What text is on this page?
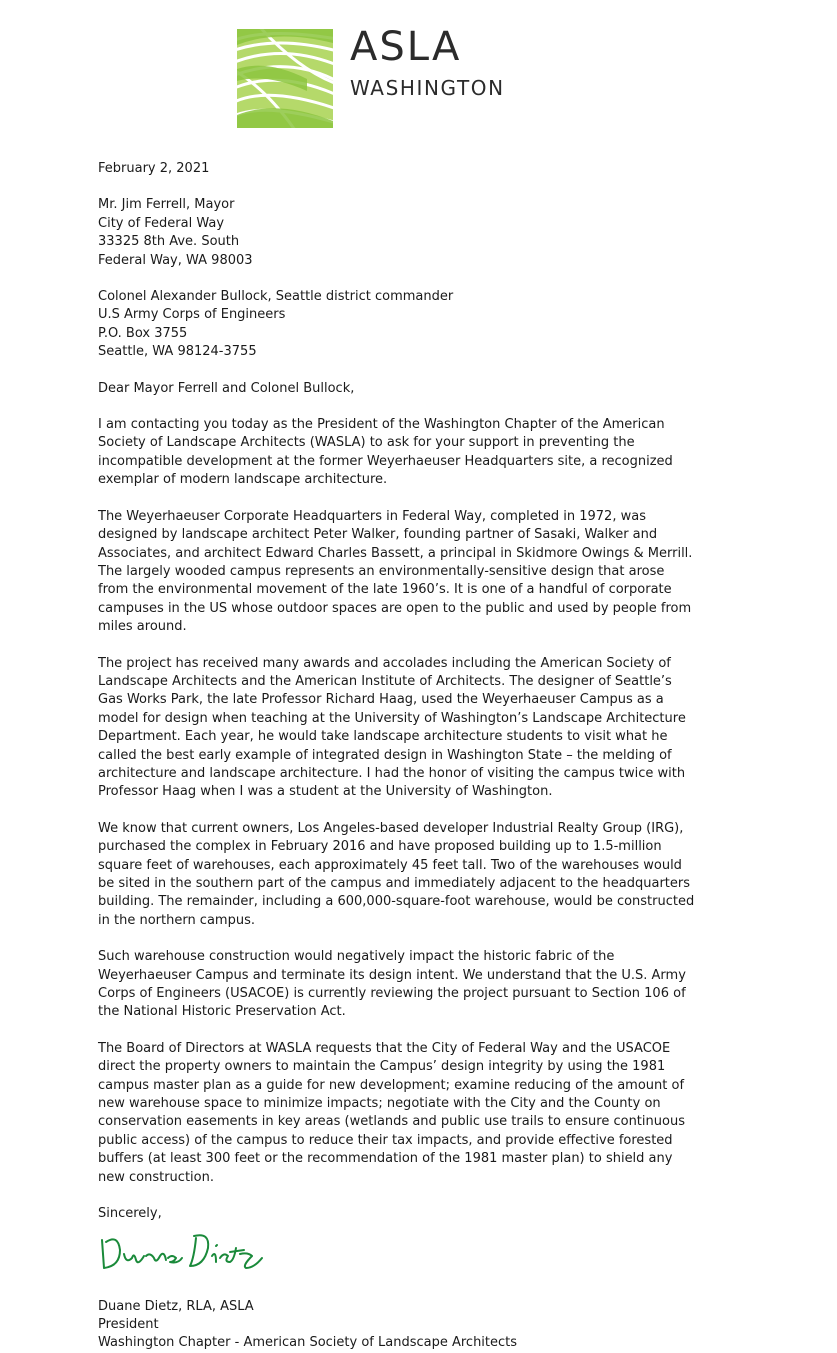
ASLA
WASHINGTON

February 2, 2021

Mr. Jim Ferrell, Mayor

City of Federal Way

33325 8th Ave. South

Federal Way, WA 98003

Colonel Alexander Bullock, Seattle district commander

U.S Army Corps of Engineers

P.O. Box 3755

Seattle, WA 98124-3755

Dear Mayor Ferrell and Colonel Bullock,

I am contacting you today as the President of the Washington Chapter of the American Society of Landscape Architects (WASLA) to ask for your support in preventing the incompatible development at the former Weyerhaeuser Headquarters site, a recognized exemplar of modern landscape architecture.

The Weyerhaeuser Corporate Headquarters in Federal Way, completed in 1972, was designed by landscape architect Peter Walker, founding partner of Sasaki, Walker and Associates, and architect Edward Charles Bassett, a principal in Skidmore Owings & Merrill. The largely wooded campus represents an environmentally-sensitive design that arose from the environmental movement of the late 1960’s. It is one of a handful of corporate campuses in the US whose outdoor spaces are open to the public and used by people from miles around.

The project has received many awards and accolades including the American Society of Landscape Architects and the American Institute of Architects. The designer of Seattle’s Gas Works Park, the late Professor Richard Haag, used the Weyerhaeuser Campus as a model for design when teaching at the University of Washington’s Landscape Architecture Department. Each year, he would take landscape architecture students to visit what he called the best early example of integrated design in Washington State – the melding of architecture and landscape architecture. I had the honor of visiting the campus twice with Professor Haag when I was a student at the University of Washington.

We know that current owners, Los Angeles-based developer Industrial Realty Group (IRG), purchased the complex in February 2016 and have proposed building up to 1.5-million square feet of warehouses, each approximately 45 feet tall. Two of the warehouses would be sited in the southern part of the campus and immediately adjacent to the headquarters building. The remainder, including a 600,000-square-foot warehouse, would be constructed in the northern campus.

Such warehouse construction would negatively impact the historic fabric of the Weyerhaeuser Campus and terminate its design intent. We understand that the U.S. Army Corps of Engineers (USACOE) is currently reviewing the project pursuant to Section 106 of the National Historic Preservation Act.

The Board of Directors at WASLA requests that the City of Federal Way and the USACOE direct the property owners to maintain the Campus’ design integrity by using the 1981 campus master plan as a guide for new development; examine reducing of the amount of new warehouse space to minimize impacts; negotiate with the City and the County on conservation easements in key areas (wetlands and public use trails to ensure continuous public access) of the campus to reduce their tax impacts, and provide effective forested buffers (at least 300 feet or the recommendation of the 1981 master plan) to shield any new construction.

Sincerely,

Duane Dietz, RLA, ASLA

President

Washington Chapter - American Society of Landscape Architects
